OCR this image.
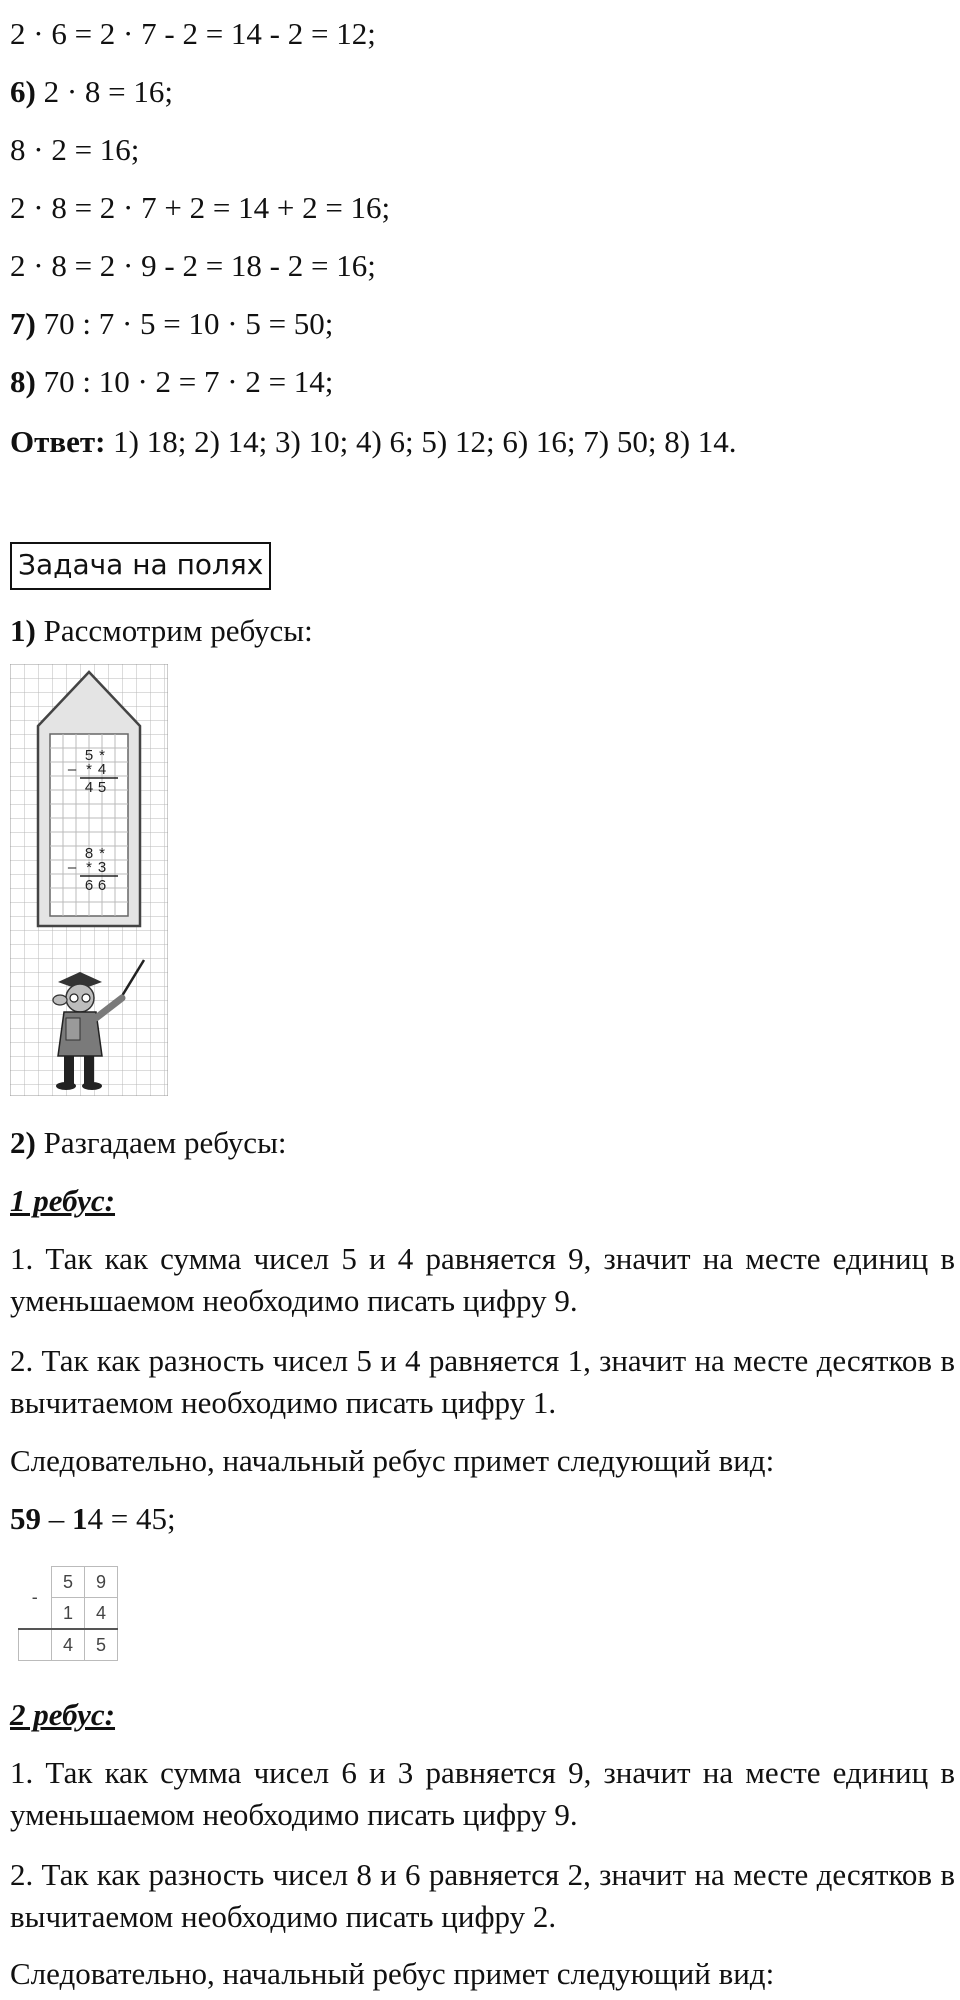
2 · 6 = 2 · 7 - 2 = 14 - 2 = 12;
6) 2 · 8 = 16;
8 · 2 = 16;
2 · 8 = 2 · 7 + 2 = 14 + 2 = 16;
2 · 8 = 2 · 9 - 2 = 18 - 2 = 16;
7) 70 : 7 · 5 = 10 · 5 = 50;
8) 70 : 10 · 2 = 7 · 2 = 14;
Ответ: 1) 18; 2) 14; 3) 10; 4) 6; 5) 12; 6) 16; 7) 50; 8) 14.
Задача на полях
1) Рассмотрим ребусы:
–
5 *
* 4
4 5
–
8 *
* 3
6 6
2) Разгадаем ребусы:
1 ребус:
1. Так как сумма чисел 5 и 4 равняется 9, значит на месте единиц в уменьшаемом необходимо писать цифру 9.
2. Так как разность чисел 5 и 4 равняется 1, значит на месте десятков в вычитаемом необходимо писать цифру 1.
Следовательно, начальный ребус примет следующий вид:
59 – 14 = 45;
-	5	9
	1	4
	4	5
2 ребус:
1. Так как сумма чисел 6 и 3 равняется 9, значит на месте единиц в уменьшаемом необходимо писать цифру 9.
2. Так как разность чисел 8 и 6 равняется 2, значит на месте десятков в вычитаемом необходимо писать цифру 2.
Следовательно, начальный ребус примет следующий вид:
